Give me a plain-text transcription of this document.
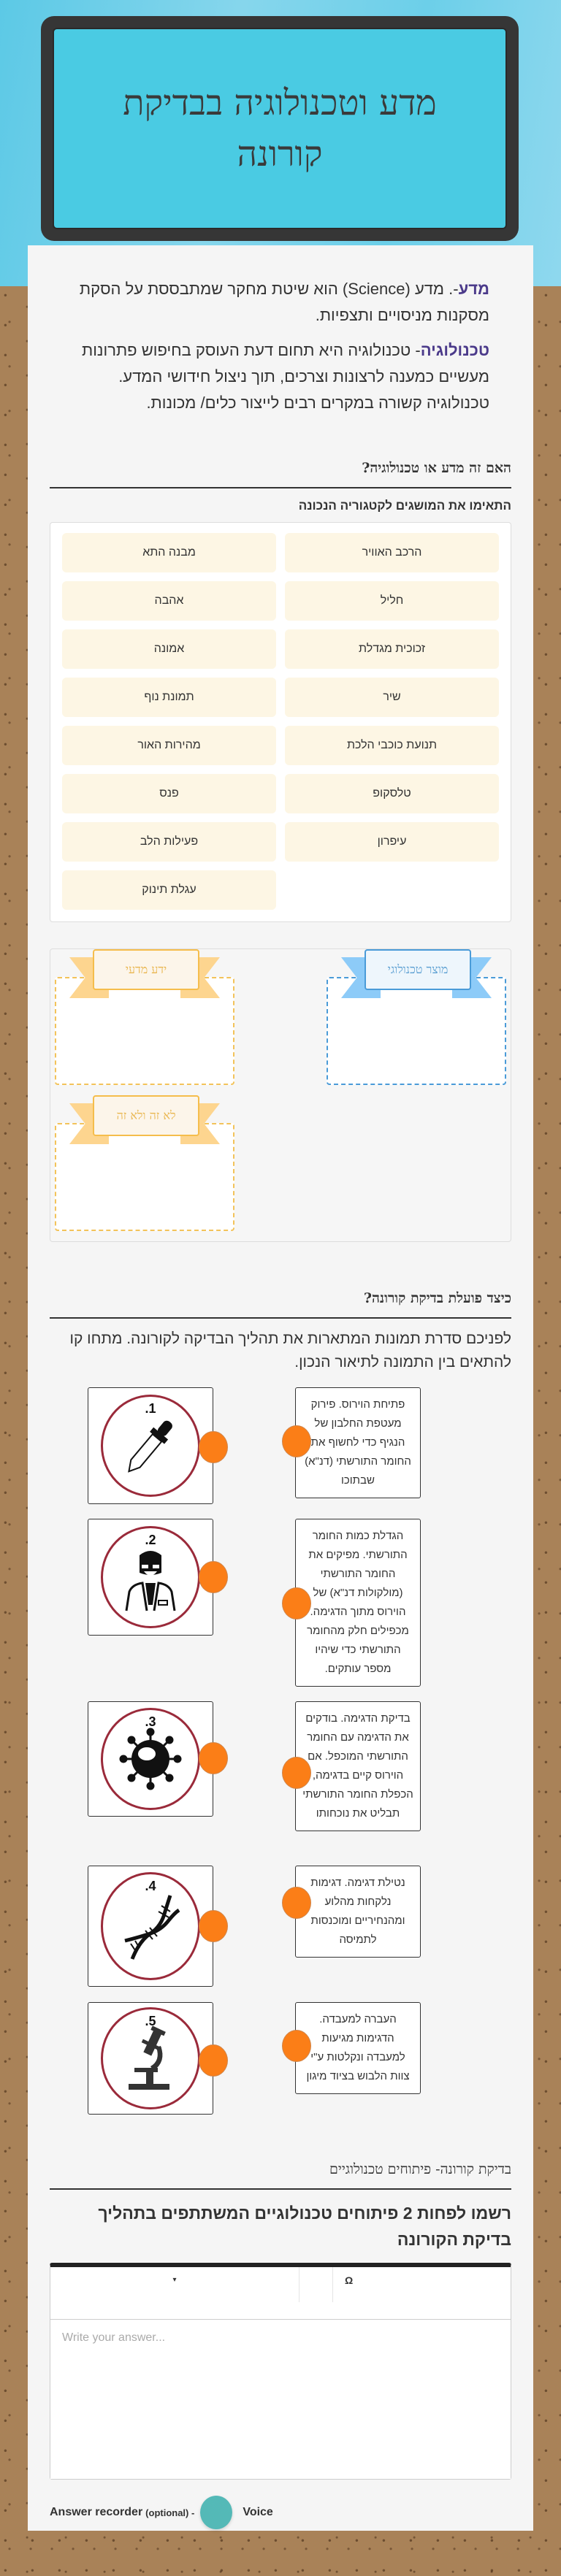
מדע וטכנולוגיה בבדיקת קורונה

מדע-. מדע (Science) הוא שיטת מחקר שמתבססת על הסקת מסקנות מניסויים ותצפיות.

טכנולוגיה- טכנולוגיה היא תחום דעת העוסק בחיפוש פתרונות מעשיים כמענה לרצונות וצרכים, תוך ניצול חידושי המדע. טכנולוגיה קשורה במקרים רבים לייצור כלים/ מכונות.

האם זה מדע או טכנולוגיה?
התאימו את המושגים לקטגוריה הנכונה
הרכב האוויר
מבנה התא
חליל
אהבה
זכוכית מגדלת
אמונה
שיר
תמונת נוף
תנועת כוכבי הלכת
מהירות האור
טלסקופ
פנס
עיפרון
פעילות הלב
עגלת תינוק
מוצר טכנולוגי
ידע מדעי
לא זה ולא זה
כיצד פועלת בדיקת קורונה?

לפניכם סדרת תמונות המתארות את תהליך הבדיקה לקורונה. מתחו קו להתאים בין התמונה לתיאור הנכון.

.1	פתיחת הוירוס. פירוק מעטפת החלבון של הנגיף כדי לחשוף את החומר התורשתי (דנ"א) שבתוכו
.2	הגדלת כמות החומר התורשתי. מפיקים את החומר התורשתי (מולקולות דנ"א) של הוירוס מתוך הדגימה. מכפילים חלק מהחומר התורשתי כדי שיהיו מספר עותקים.
.3	בדיקת הדגימה. בודקים את הדגימה עם החומר התורשתי המוכפל. אם הוירוס קיים בדגימה, הכפלת החומר התורשתי תבליט את נוכחותו
.4	נטילת דגימה. דגימות נלקחות מהלוע ומהנחיריים ומוכנסות לתמיסה
.5	העברה למעבדה. הדגימות מגיעות למעבדה ונקלטות ע"י צוות הלבוש בציוד מיגון
בדיקת קורונה- פיתוחים טכנולוגיים
רשמו לפחות 2 פיתוחים טכנולוגיים המשתתפים בתהליך בדיקת הקורונה
▾	Ω
Write your answer...
Answer recorder (optional) -	Voice
